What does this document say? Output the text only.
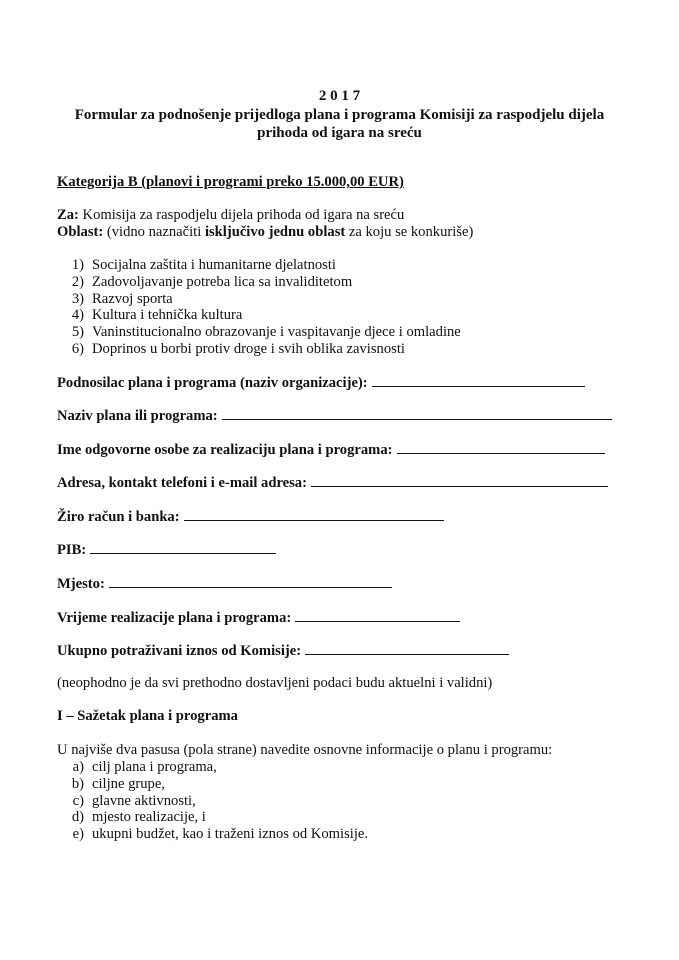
2 0 1 7
Formular za podnošenje prijedloga plana i programa Komisiji za raspodjelu dijela
prihoda od igara na sreću
Kategorija B (planovi i programi preko 15.000,00 EUR)
Za: Komisija za raspodjelu dijela prihoda od igara na sreću
Oblast: (vidno naznačiti isključivo jednu oblast za koju se konkuriše)
1) Socijalna zaštita i humanitarne djelatnosti
2) Zadovoljavanje potreba lica sa invaliditetom
3) Razvoj sporta
4) Kultura i tehnička kultura
5) Vaninstitucionalno obrazovanje i vaspitavanje djece i omladine
6) Doprinos u borbi protiv droge i svih oblika zavisnosti
Podnosilac plana i programa (naziv organizacije):
Naziv plana ili programa:
Ime odgovorne osobe za realizaciju plana i programa:
Adresa, kontakt telefoni i e-mail adresa:
Žiro račun i banka:
PIB:
Mjesto:
Vrijeme realizacije plana i programa:
Ukupno potraživani iznos od Komisije:
(neophodno je da svi prethodno dostavljeni podaci budu aktuelni i validni)
I – Sažetak plana i programa
U najviše dva pasusa (pola strane) navedite osnovne informacije o planu i programu:
a) cilj plana i programa,
b) ciljne grupe,
c) glavne aktivnosti,
d) mjesto realizacije, i
e) ukupni budžet, kao i traženi iznos od Komisije.
